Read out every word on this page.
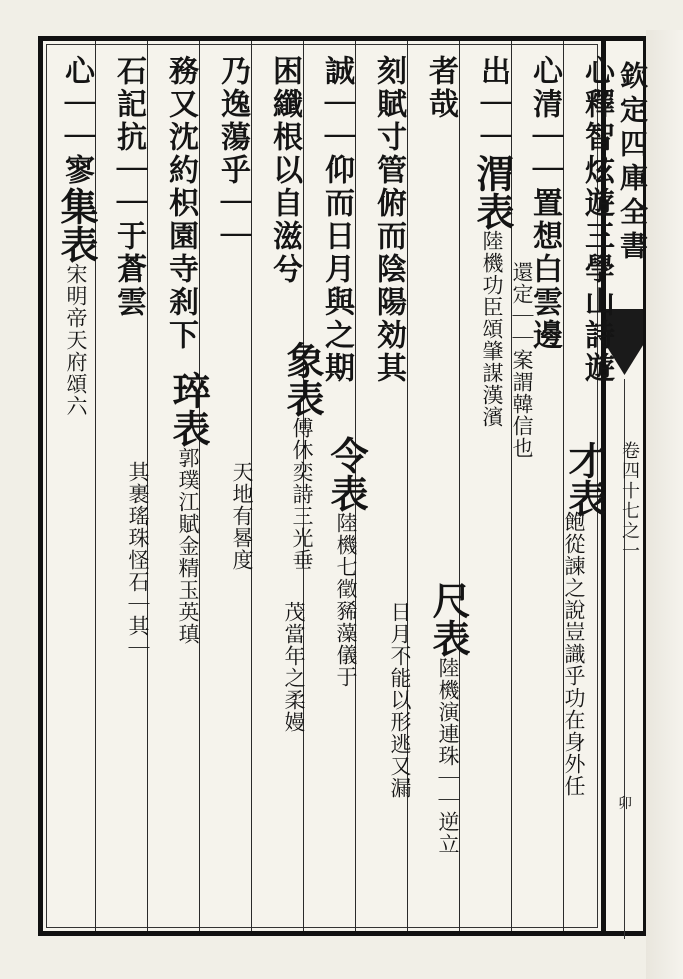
欽定四庫全書
卷四十七之一
卯
心釋智炫遊三學山詩遊
才表
飽從諫之說豈識乎功在身外任
心清｜｜置想白雲邊
出｜｜渭表陸機功臣頌肇謀漢濱 還定｜｜案謂韓信也
者哉
尺表陸機演連珠｜｜逆立
刻賦寸管俯而陰陽効其
日月不能以形逃又漏
誠｜｜仰而日月與之期
令表陸機七徵豨藻儀于
困纖根以自滋兮
茂當年之柔嫚
象表傅休奕詩三光垂
乃逸蕩乎｜｜
天地有晷度
務又沈約枳園寺刹下
琗表郭璞江賦金精玉英瑱
石記抗｜｜于蒼雲
其裹瑤珠怪石｜其｜
心｜｜寥集表宋明帝天府頌六
